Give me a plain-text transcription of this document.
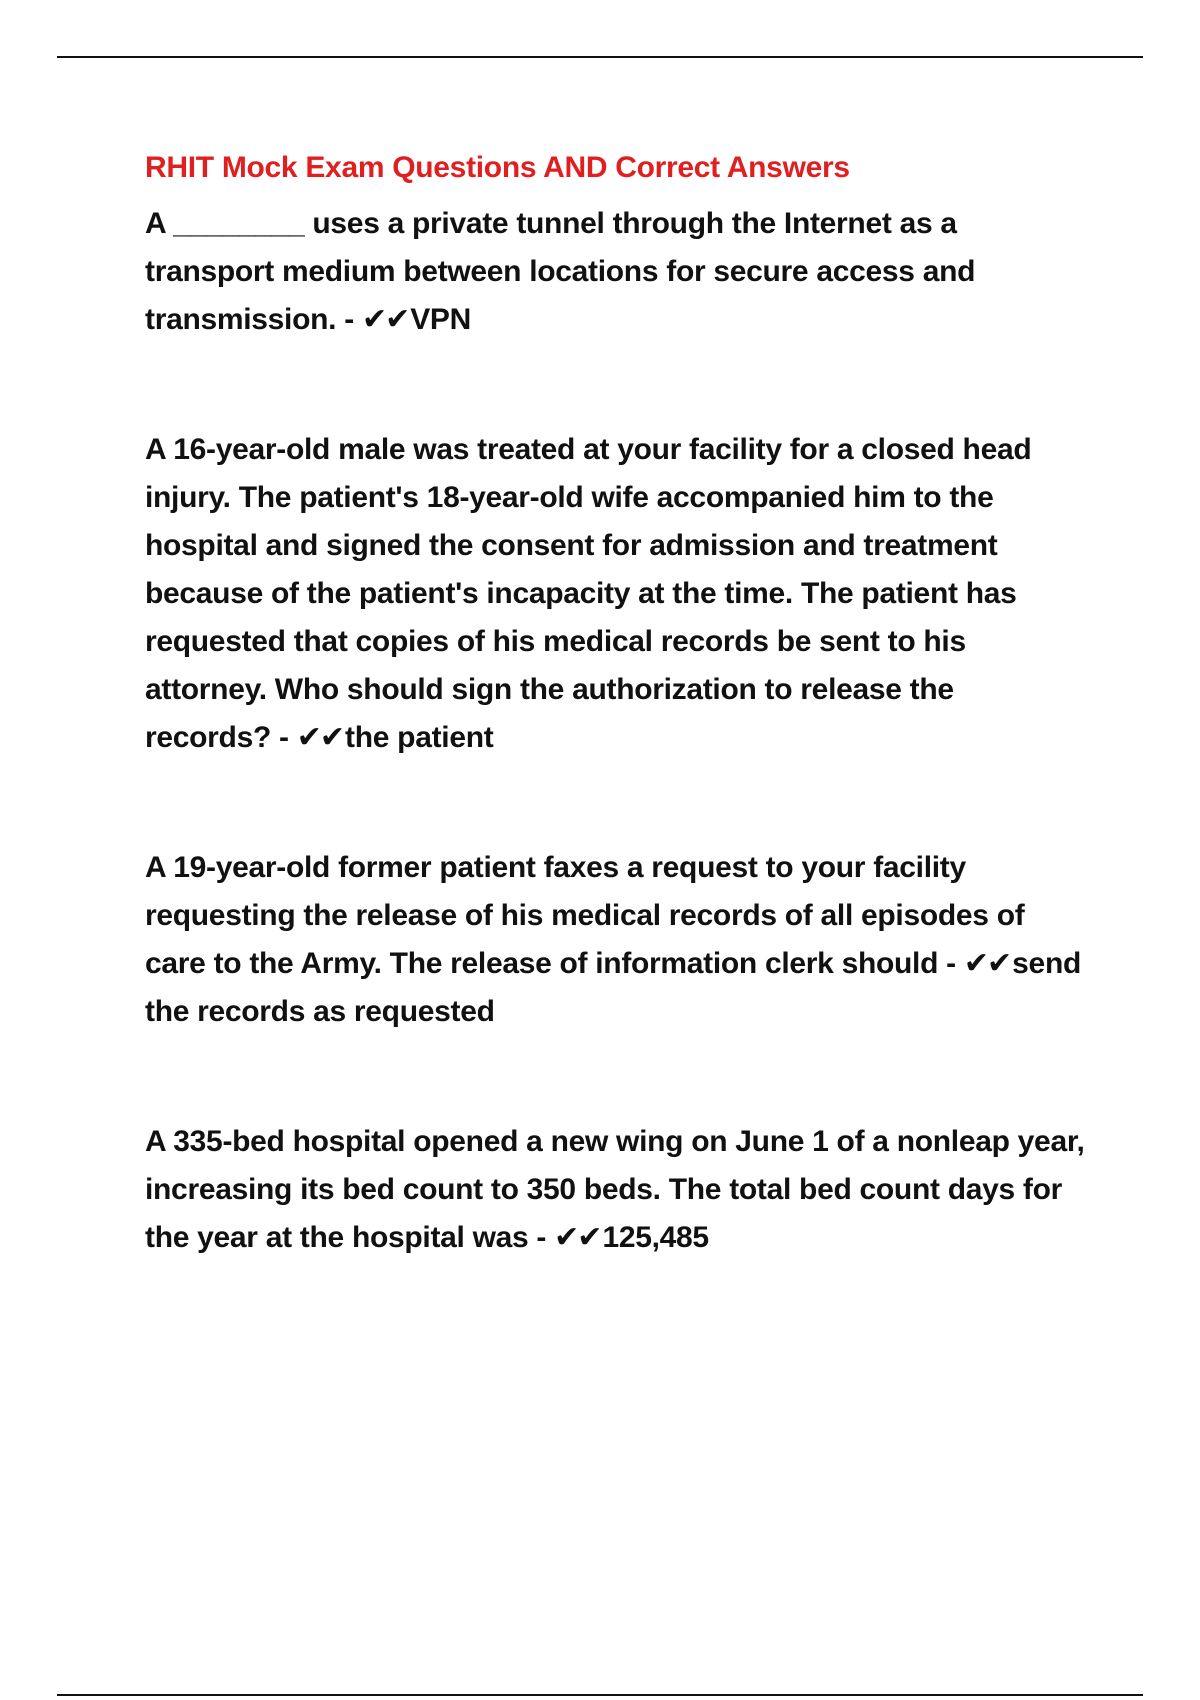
RHIT Mock Exam Questions AND Correct Answers

A ________ uses a private tunnel through the Internet as a transport medium between locations for secure access and transmission. - ✔✔VPN

A 16-year-old male was treated at your facility for a closed head injury. The patient's 18-year-old wife accompanied him to the hospital and signed the consent for admission and treatment because of the patient's incapacity at the time. The patient has requested that copies of his medical records be sent to his attorney. Who should sign the authorization to release the records? - ✔✔the patient

A 19-year-old former patient faxes a request to your facility requesting the release of his medical records of all episodes of care to the Army. The release of information clerk should - ✔✔send the records as requested

A 335-bed hospital opened a new wing on June 1 of a nonleap year, increasing its bed count to 350 beds. The total bed count days for the year at the hospital was - ✔✔125,485
